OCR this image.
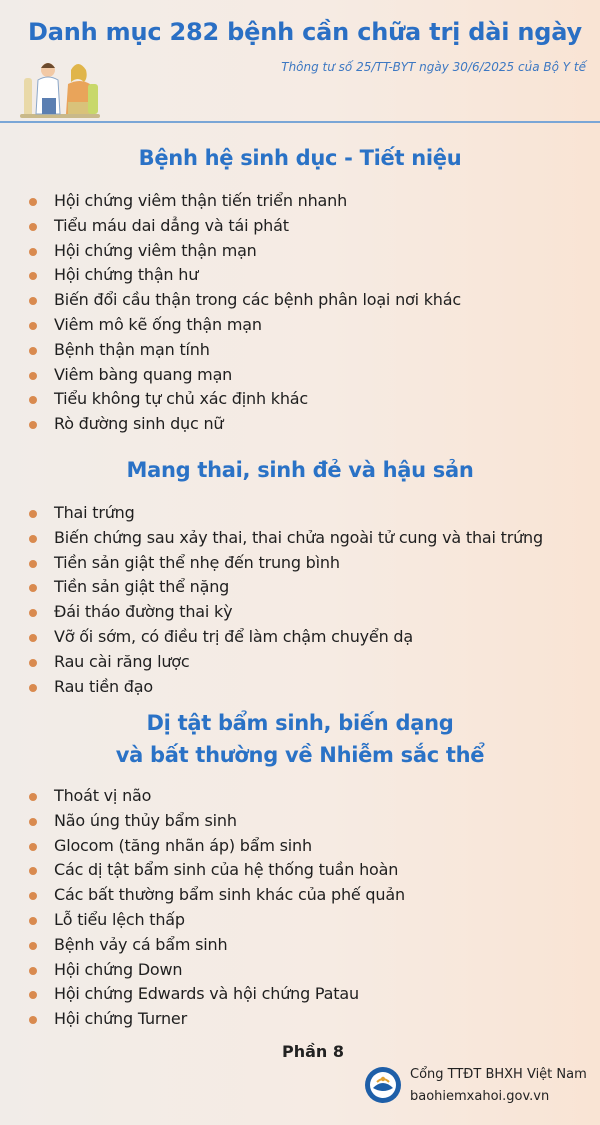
Danh mục 282 bệnh cần chữa trị dài ngày
Thông tư số 25/TT-BYT ngày 30/6/2025 của Bộ Y tế
Bệnh hệ sinh dục - Tiết niệu
Hội chứng viêm thận tiến triển nhanh
Tiểu máu dai dẳng và tái phát
Hội chứng viêm thận mạn
Hội chứng thận hư
Biến đổi cầu thận trong các bệnh phân loại nơi khác
Viêm mô kẽ ống thận mạn
Bệnh thận mạn tính
Viêm bàng quang mạn
Tiểu không tự chủ xác định khác
Rò đường sinh dục nữ
Mang thai, sinh đẻ và hậu sản
Thai trứng
Biến chứng sau xảy thai, thai chửa ngoài tử cung và thai trứng
Tiền sản giật thể nhẹ đến trung bình
Tiền sản giật thể nặng
Đái tháo đường thai kỳ
Vỡ ối sớm, có điều trị để làm chậm chuyển dạ
Rau cài răng lược
Rau tiền đạo
Dị tật bẩm sinh, biến dạng
và bất thường về Nhiễm sắc thể
Thoát vị não
Não úng thủy bẩm sinh
Glocom (tăng nhãn áp) bẩm sinh
Các dị tật bẩm sinh của hệ thống tuần hoàn
Các bất thường bẩm sinh khác của phế quản
Lỗ tiểu lệch thấp
Bệnh vảy cá bẩm sinh
Hội chứng Down
Hội chứng Edwards và hội chứng Patau
Hội chứng Turner
Phần 8
Cổng TTĐT BHXH Việt Nam
baohiemxahoi.gov.vn
